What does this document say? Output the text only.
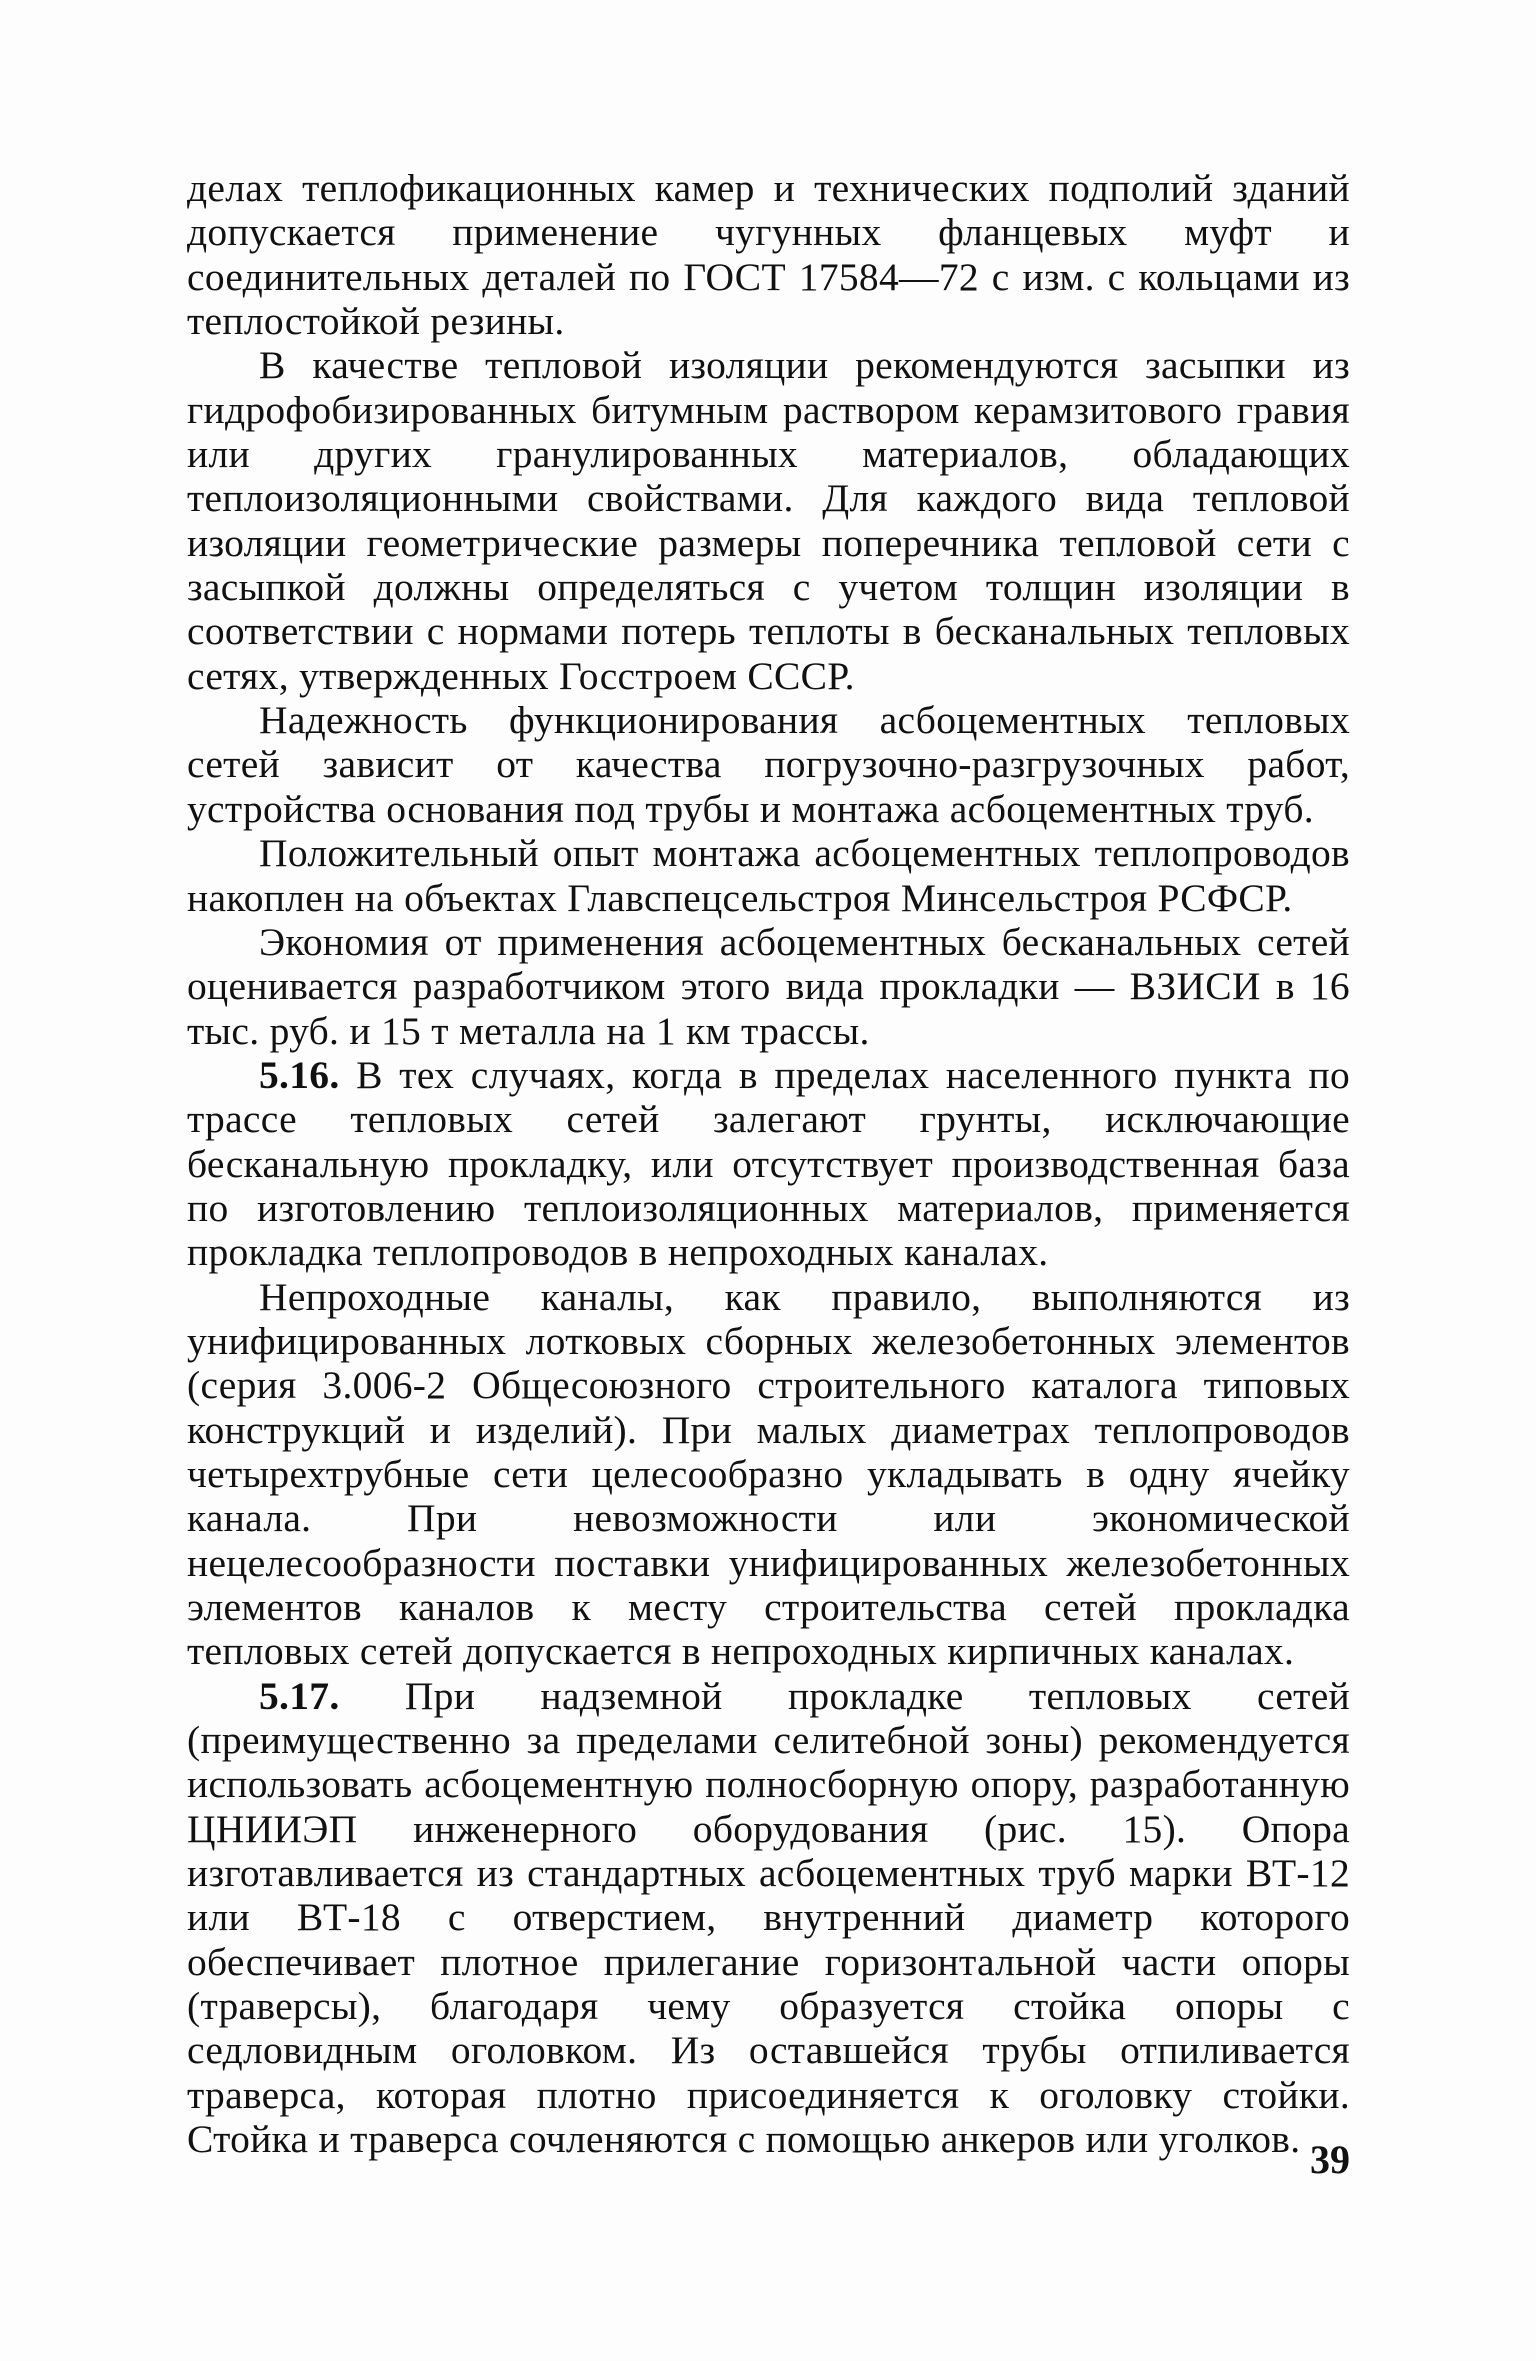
делах теплофикационных камер и технических подполий зданий допускается применение чугунных фланцевых муфт и соединительных деталей по ГОСТ 17584—72 с изм. с кольцами из теплостойкой резины.

В качестве тепловой изоляции рекомендуются засыпки из гидрофобизированных битумным раствором керамзитового гравия или других гранулированных материалов, обладающих теплоизоляционными свойствами. Для каждого вида тепловой изоляции геометрические размеры поперечника тепловой сети с засыпкой должны определяться с учетом толщин изоляции в соответствии с нормами потерь теплоты в бесканальных тепловых сетях, утвержденных Госстроем СССР.

Надежность функционирования асбоцементных тепловых сетей зависит от качества погрузочно-разгрузочных работ, устройства основания под трубы и монтажа асбоцементных труб.

Положительный опыт монтажа асбоцементных теплопроводов накоплен на объектах Главспецсельстроя Минсельстроя РСФСР.

Экономия от применения асбоцементных бесканальных сетей оценивается разработчиком этого вида прокладки — ВЗИСИ в 16 тыс. руб. и 15 т металла на 1 км трассы.

5.16. В тех случаях, когда в пределах населенного пункта по трассе тепловых сетей залегают грунты, исключающие бесканальную прокладку, или отсутствует производственная база по изготовлению теплоизоляционных материалов, применяется прокладка теплопроводов в непроходных каналах.

Непроходные каналы, как правило, выполняются из унифицированных лотковых сборных железобетонных элементов (серия 3.006-2 Общесоюзного строительного каталога типовых конструкций и изделий). При малых диаметрах теплопроводов четырехтрубные сети целесообразно укладывать в одну ячейку канала. При невозможности или экономической нецелесообразности поставки унифицированных железобетонных элементов каналов к месту строительства сетей прокладка тепловых сетей допускается в непроходных кирпичных каналах.

5.17. При надземной прокладке тепловых сетей (преимущественно за пределами селитебной зоны) рекомендуется использовать асбоцементную полносборную опору, разработанную ЦНИИЭП инженерного оборудования (рис. 15). Опора изготавливается из стандартных асбоцементных труб марки ВТ-12 или ВТ-18 с отверстием, внутренний диаметр которого обеспечивает плотное прилегание горизонтальной части опоры (траверсы), благодаря чему образуется стойка опоры с седловидным оголовком. Из оставшейся трубы отпиливается траверса, которая плотно присоединяется к оголовку стойки. Стойка и траверса сочленяются с помощью анкеров или уголков. 39
